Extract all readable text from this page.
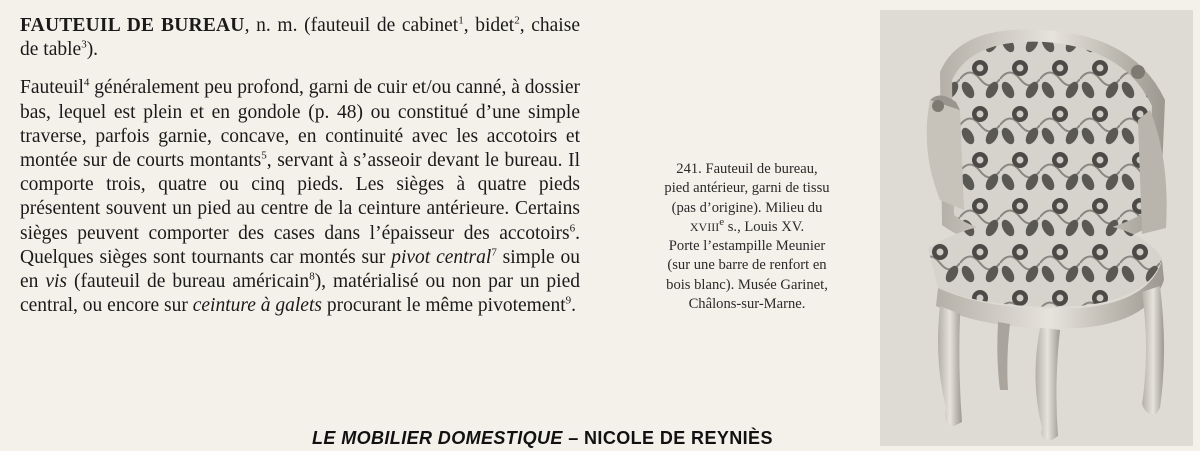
FAUTEUIL DE BUREAU, n. m. (fauteuil de cabinet$^1$, bidet$^2$, chaise de table$^3$).

Fauteuil$^4$ généralement peu profond, garni de cuir et/ou canné, à dossier bas, lequel est plein et en gondole (p. 48) ou constitué d’une simple traverse, parfois garnie, concave, en continuité avec les accotoirs et montée sur de courts montants$^5$, servant à s’asseoir devant le bureau. Il comporte trois, quatre ou cinq pieds. Les sièges à quatre pieds présentent souvent un pied au centre de la ceinture antérieure. Certains sièges peuvent comporter des cases dans l’épaisseur des accotoirs$^6$. Quelques sièges sont tournants car montés sur pivot central$^7$ simple ou en vis (fauteuil de bureau américain$^8$), matérialisé ou non par un pied central, ou encore sur ceinture à galets procurant le même pivotement$^9$.

241. Fauteuil de bureau,

pied antérieur, garni de tissu

(pas d’origine). Milieu du

XVIIIe s., Louis XV.

Porte l’estampille Meunier

(sur une barre de renfort en

bois blanc). Musée Garinet,

Châlons-sur-Marne.

LE MOBILIER DOMESTIQUE – NICOLE DE REYNIÈS
